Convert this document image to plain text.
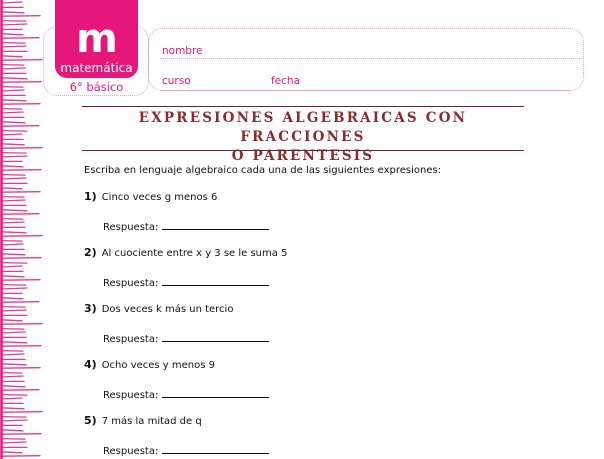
m
matemática
6° básico
nombre
curso	fecha
EXPRESIONES ALGEBRAICAS CON FRACCIONES
O PARENTESIS
Escriba en lenguaje algebraico cada una de las siguientes expresiones:
1) Cinco veces g menos 6
Respuesta:
2) Al cuociente entre x y 3 se le suma 5
Respuesta:
3) Dos veces k más un tercio
Respuesta:
4) Ocho veces y menos 9
Respuesta:
5) 7 más la mitad de q
Respuesta:
